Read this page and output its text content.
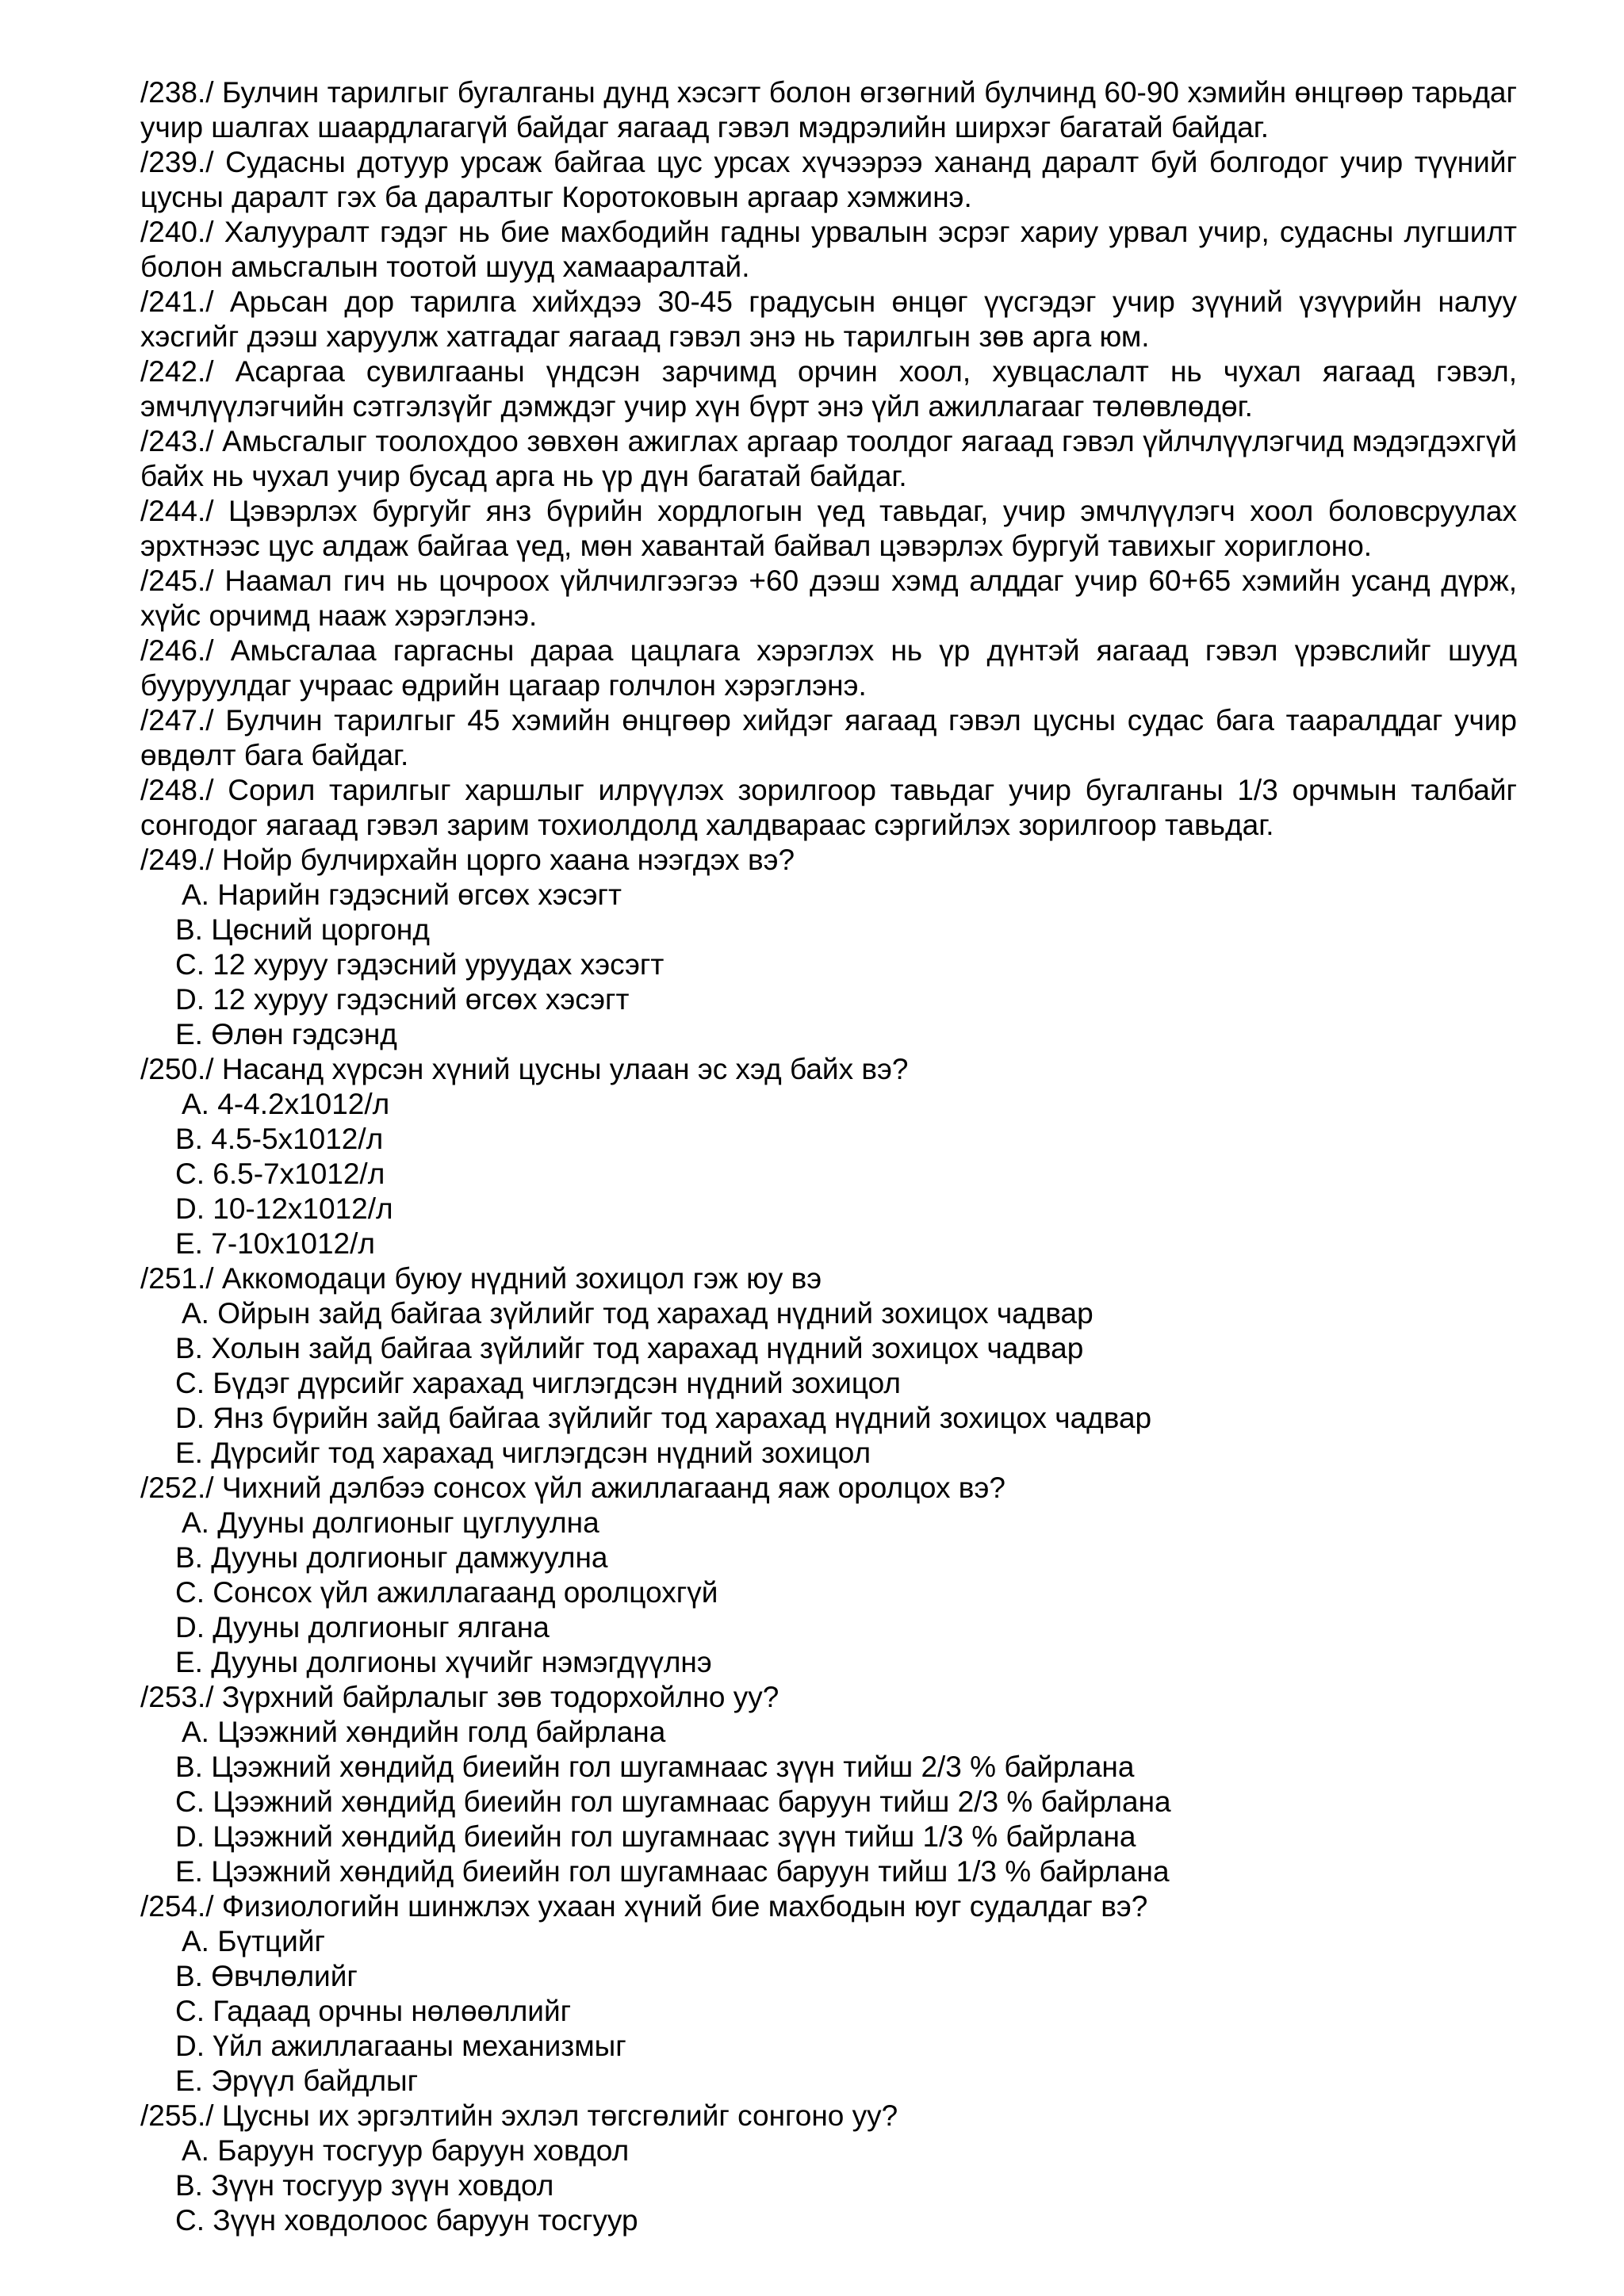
/238./ Булчин тарилгыг бугалганы дунд хэсэгт болон өгзөгний булчинд 60-90 хэмийн өнцгөөр тарьдаг учир шалгах шаардлагагүй байдаг яагаад гэвэл мэдрэлийн ширхэг багатай байдаг.

/239./ Судасны дотуур урсаж байгаа цус урсах хүчээрээ хананд даралт буй болгодог учир түүнийг цусны даралт гэх ба даралтыг Коротоковын аргаар хэмжинэ.

/240./ Халууралт гэдэг нь бие махбодийн гадны урвалын эсрэг хариу урвал учир, судасны лугшилт болон амьсгалын тоотой шууд хамааралтай.

/241./ Арьсан дор тарилга хийхдээ 30-45 градусын өнцөг үүсгэдэг учир зүүний үзүүрийн налуу хэсгийг дээш харуулж хатгадаг яагаад гэвэл энэ нь тарилгын зөв арга юм.

/242./ Асаргаа сувилгааны үндсэн зарчимд орчин хоол, хувцаслалт нь чухал яагаад гэвэл, эмчлүүлэгчийн сэтгэлзүйг дэмждэг учир хүн бүрт энэ үйл ажиллагааг төлөвлөдөг.

/243./ Амьсгалыг тоолохдоо зөвхөн ажиглах аргаар тоолдог яагаад гэвэл үйлчлүүлэгчид мэдэгдэхгүй байх нь чухал учир бусад арга нь үр дүн багатай байдаг.

/244./ Цэвэрлэх бургуйг янз бүрийн хордлогын үед тавьдаг, учир эмчлүүлэгч хоол боловсруулах эрхтнээс цус алдаж байгаа үед, мөн хавантай байвал цэвэрлэх бургуй тавихыг хориглоно.

/245./ Наамал гич нь цочроох үйлчилгээгээ +60 дээш хэмд алддаг учир 60+65 хэмийн усанд дүрж, хүйс орчимд нааж хэрэглэнэ.

/246./ Амьсгалаа гаргасны дараа цацлага хэрэглэх нь үр дүнтэй яагаад гэвэл үрэвслийг шууд бууруулдаг учраас өдрийн цагаар голчлон хэрэглэнэ.

/247./ Булчин тарилгыг 45 хэмийн өнцгөөр хийдэг яагаад гэвэл цусны судас бага тааралддаг учир өвдөлт бага байдаг.

/248./ Сорил тарилгыг харшлыг илрүүлэх зорилгоор тавьдаг учир бугалганы 1/3 орчмын талбайг сонгодог яагаад гэвэл зарим тохиолдолд халдвараас сэргийлэх зорилгоор тавьдаг.

/249./ Нойр булчирхайн цорго хаана нээгдэх вэ?

A. Нарийн гэдэсний өгсөх хэсэгт

B. Цөсний цоргонд

C. 12 хуруу гэдэсний уруудах хэсэгт

D. 12 хуруу гэдэсний өгсөх хэсэгт

E. Өлөн гэдсэнд

/250./ Насанд хүрсэн хүний цусны улаан эс хэд байх вэ?

A. 4-4.2x1012/л

B. 4.5-5x1012/л

C. 6.5-7x1012/л

D. 10-12x1012/л

E. 7-10x1012/л

/251./ Аккомодаци буюу нүдний зохицол гэж юу вэ

A. Ойрын зайд байгаа зүйлийг тод харахад нүдний зохицох чадвар

B. Холын зайд байгаа зүйлийг тод харахад нүдний зохицох чадвар

C. Бүдэг дүрсийг харахад чиглэгдсэн нүдний зохицол

D. Янз бүрийн зайд байгаа зүйлийг тод харахад нүдний зохицох чадвар

E. Дүрсийг тод харахад чиглэгдсэн нүдний зохицол

/252./ Чихний дэлбээ сонсох үйл ажиллагаанд яаж оролцох вэ?

A. Дууны долгионыг цуглуулна

B. Дууны долгионыг дамжуулна

C. Сонсох үйл ажиллагаанд оролцохгүй

D. Дууны долгионыг ялгана

E. Дууны долгионы хүчийг нэмэгдүүлнэ

/253./ Зүрхний байрлалыг зөв тодорхойлно уу?

A. Цээжний хөндийн голд байрлана

B. Цээжний хөндийд биеийн гол шугамнаас зүүн тийш 2/3 % байрлана

C. Цээжний хөндийд биеийн гол шугамнаас баруун тийш 2/3 % байрлана

D. Цээжний хөндийд биеийн гол шугамнаас зүүн тийш 1/3 % байрлана

E. Цээжний хөндийд биеийн гол шугамнаас баруун тийш 1/3 % байрлана

/254./ Физиологийн шинжлэх ухаан хүний бие махбодын юуг судалдаг вэ?

A. Бүтцийг

B. Өвчлөлийг

C. Гадаад орчны нөлөөллийг

D. Үйл ажиллагааны механизмыг

E. Эрүүл байдлыг

/255./ Цусны их эргэлтийн эхлэл төгсгөлийг сонгоно уу?

A. Баруун тосгуур баруун ховдол

B. Зүүн тосгуур зүүн ховдол

C. Зүүн ховдолоос баруун тосгуур
